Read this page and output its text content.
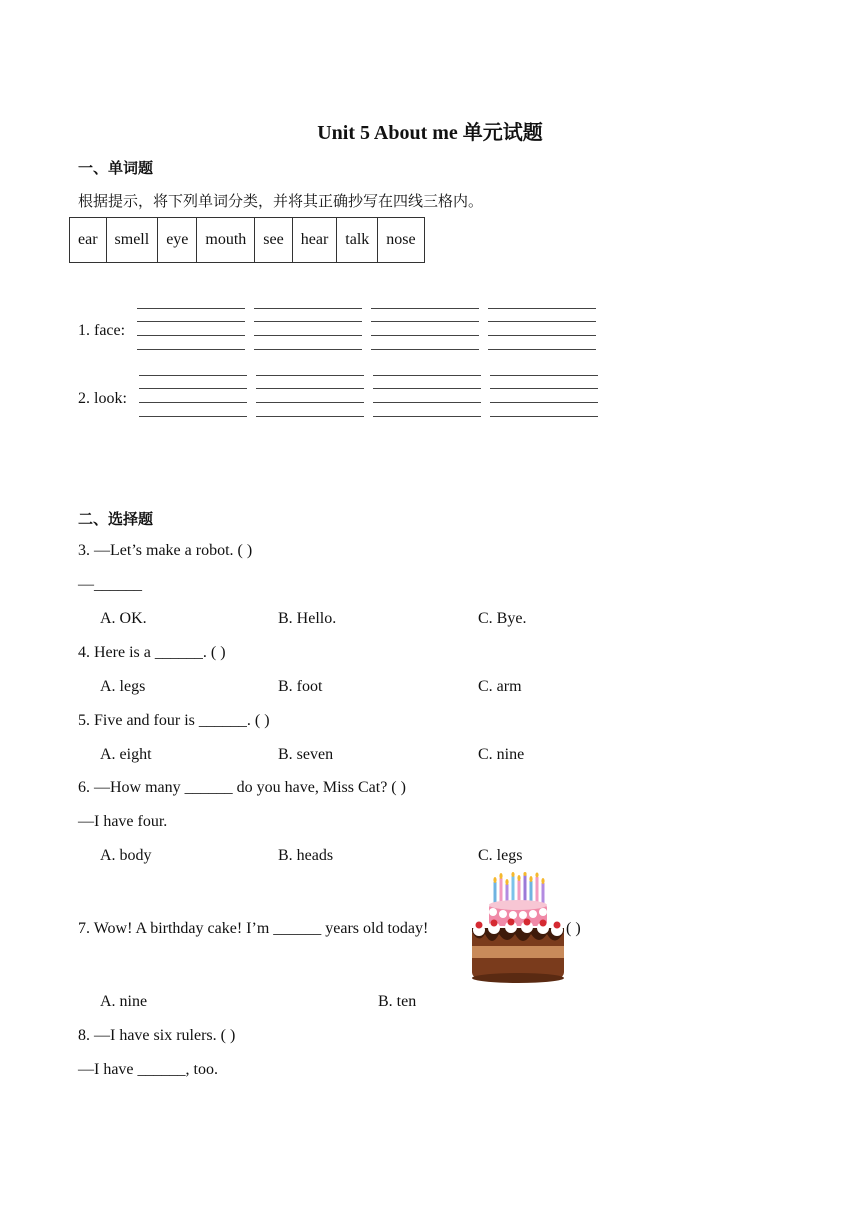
Unit 5 About me 单元试题
一、单词题
根据提示，将下列单词分类，并将其正确抄写在四线三格内。
ear	smell	eye	mouth	see	hear	talk	nose
1. face:
2. look:
二、选择题
3. —Let’s make a robot. ( )
—______
A. OK.	B. Hello.	C. Bye.
4. Here is a ______. ( )
A. legs	B. foot	C. arm
5. Five and four is ______. ( )
A. eight	B. seven	C. nine
6. —How many ______ do you have, Miss Cat? ( )
—I have four.
A. body	B. heads	C. legs
7. Wow! A birthday cake! I’m ______ years old today!	( )
A. nine	B. ten
8. —I have six rulers. ( )
—I have ______, too.
